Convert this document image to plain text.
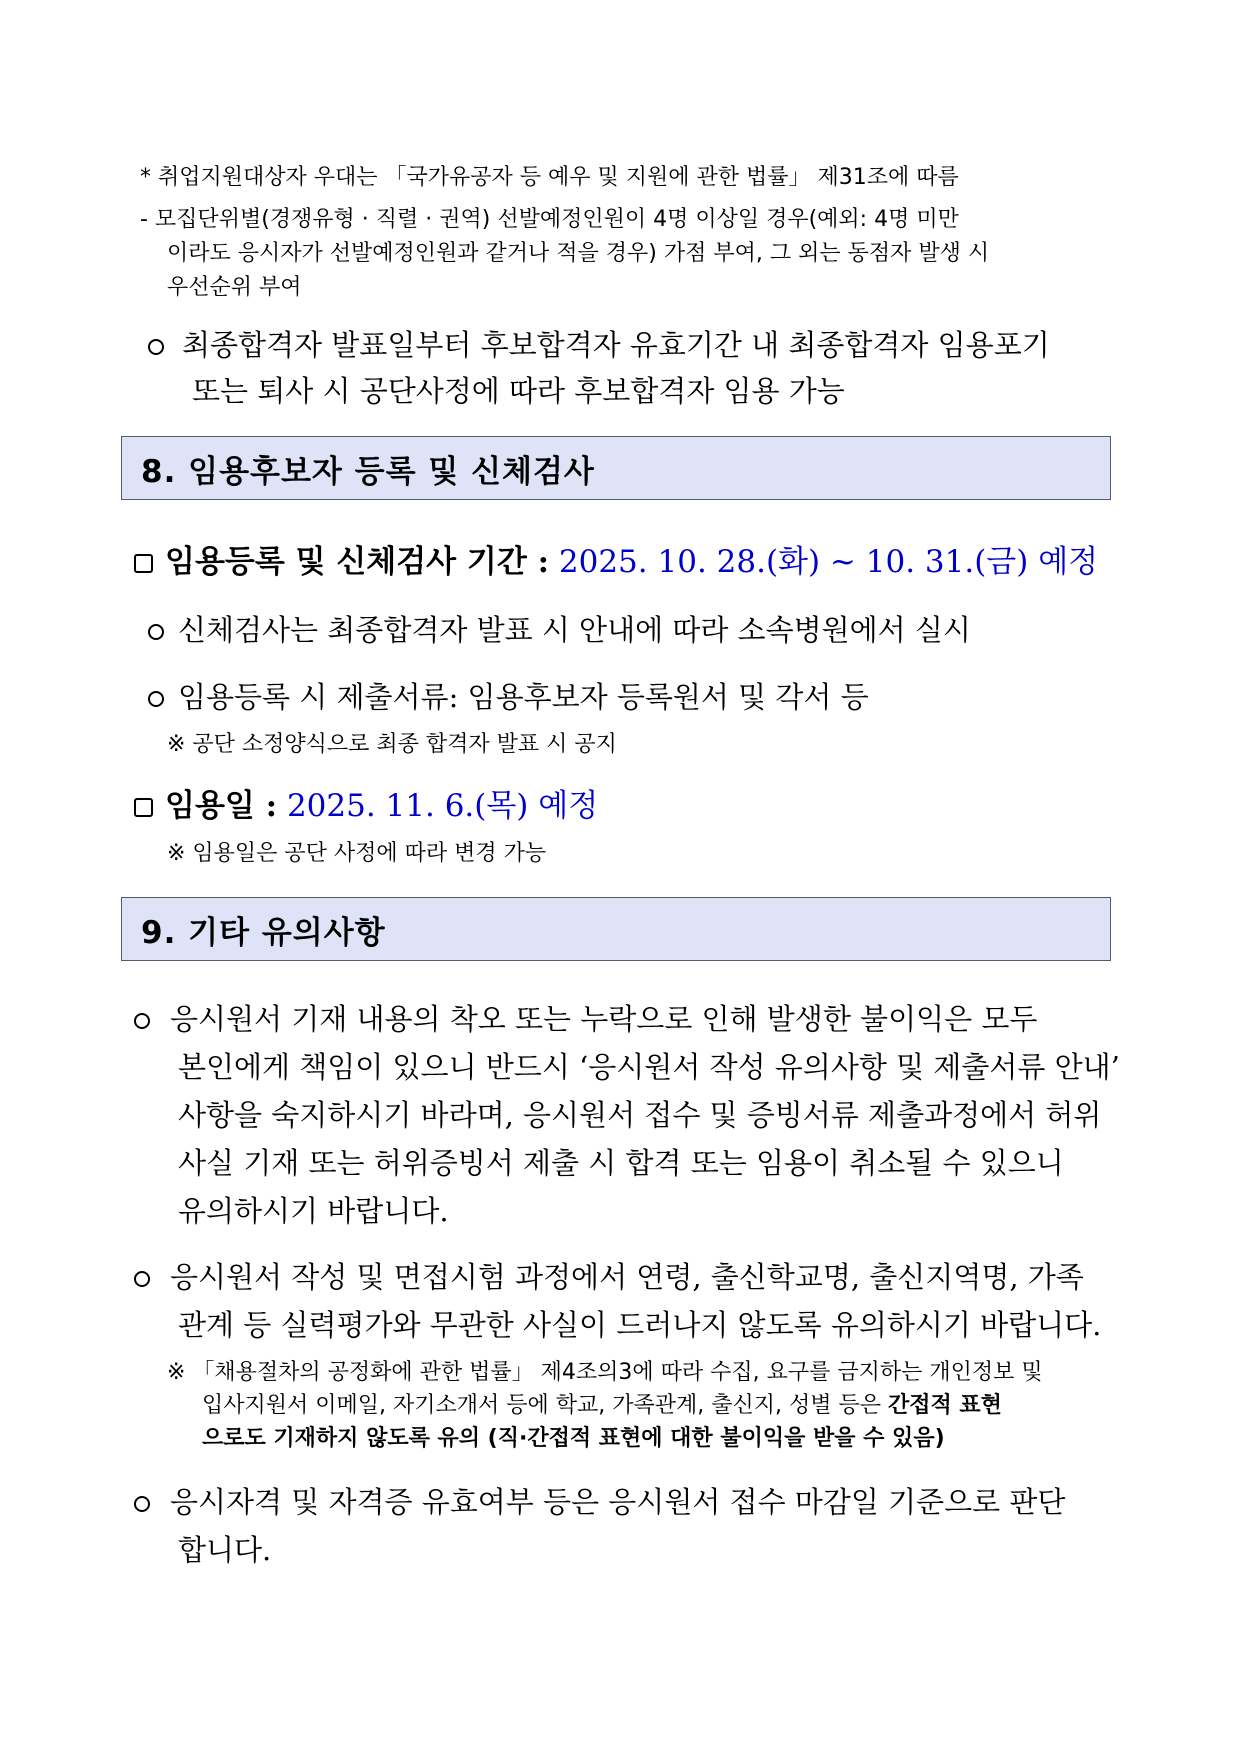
* 취업지원대상자 우대는 「국가유공자 등 예우 및 지원에 관한 법률」 제31조에 따름
- 모집단위별(경쟁유형 · 직렬 · 권역) 선발예정인원이 4명 이상일 경우(예외: 4명 미만
이라도 응시자가 선발예정인원과 같거나 적을 경우) 가점 부여, 그 외는 동점자 발생 시
우선순위 부여
최종합격자 발표일부터 후보합격자 유효기간 내 최종합격자 임용포기
또는 퇴사 시 공단사정에 따라 후보합격자 임용 가능
8. 임용후보자 등록 및 신체검사
임용등록 및 신체검사 기간 : 2025. 10. 28.(화) ~ 10. 31.(금) 예정
신체검사는 최종합격자 발표 시 안내에 따라 소속병원에서 실시
임용등록 시 제출서류: 임용후보자 등록원서 및 각서 등
※ 공단 소정양식으로 최종 합격자 발표 시 공지
임용일 : 2025. 11. 6.(목) 예정
※ 임용일은 공단 사정에 따라 변경 가능
9. 기타 유의사항
응시원서 기재 내용의 착오 또는 누락으로 인해 발생한 불이익은 모두
본인에게 책임이 있으니 반드시 ‘응시원서 작성 유의사항 및 제출서류 안내’
사항을 숙지하시기 바라며, 응시원서 접수 및 증빙서류 제출과정에서 허위
사실 기재 또는 허위증빙서 제출 시 합격 또는 임용이 취소될 수 있으니
유의하시기 바랍니다.
응시원서 작성 및 면접시험 과정에서 연령, 출신학교명, 출신지역명, 가족
관계 등 실력평가와 무관한 사실이 드러나지 않도록 유의하시기 바랍니다.
※ 「채용절차의 공정화에 관한 법률」 제4조의3에 따라 수집, 요구를 금지하는 개인정보 및
입사지원서 이메일, 자기소개서 등에 학교, 가족관계, 출신지, 성별 등은 간접적 표현
으로도 기재하지 않도록 유의 (직·간접적 표현에 대한 불이익을 받을 수 있음)
응시자격 및 자격증 유효여부 등은 응시원서 접수 마감일 기준으로 판단
합니다.
